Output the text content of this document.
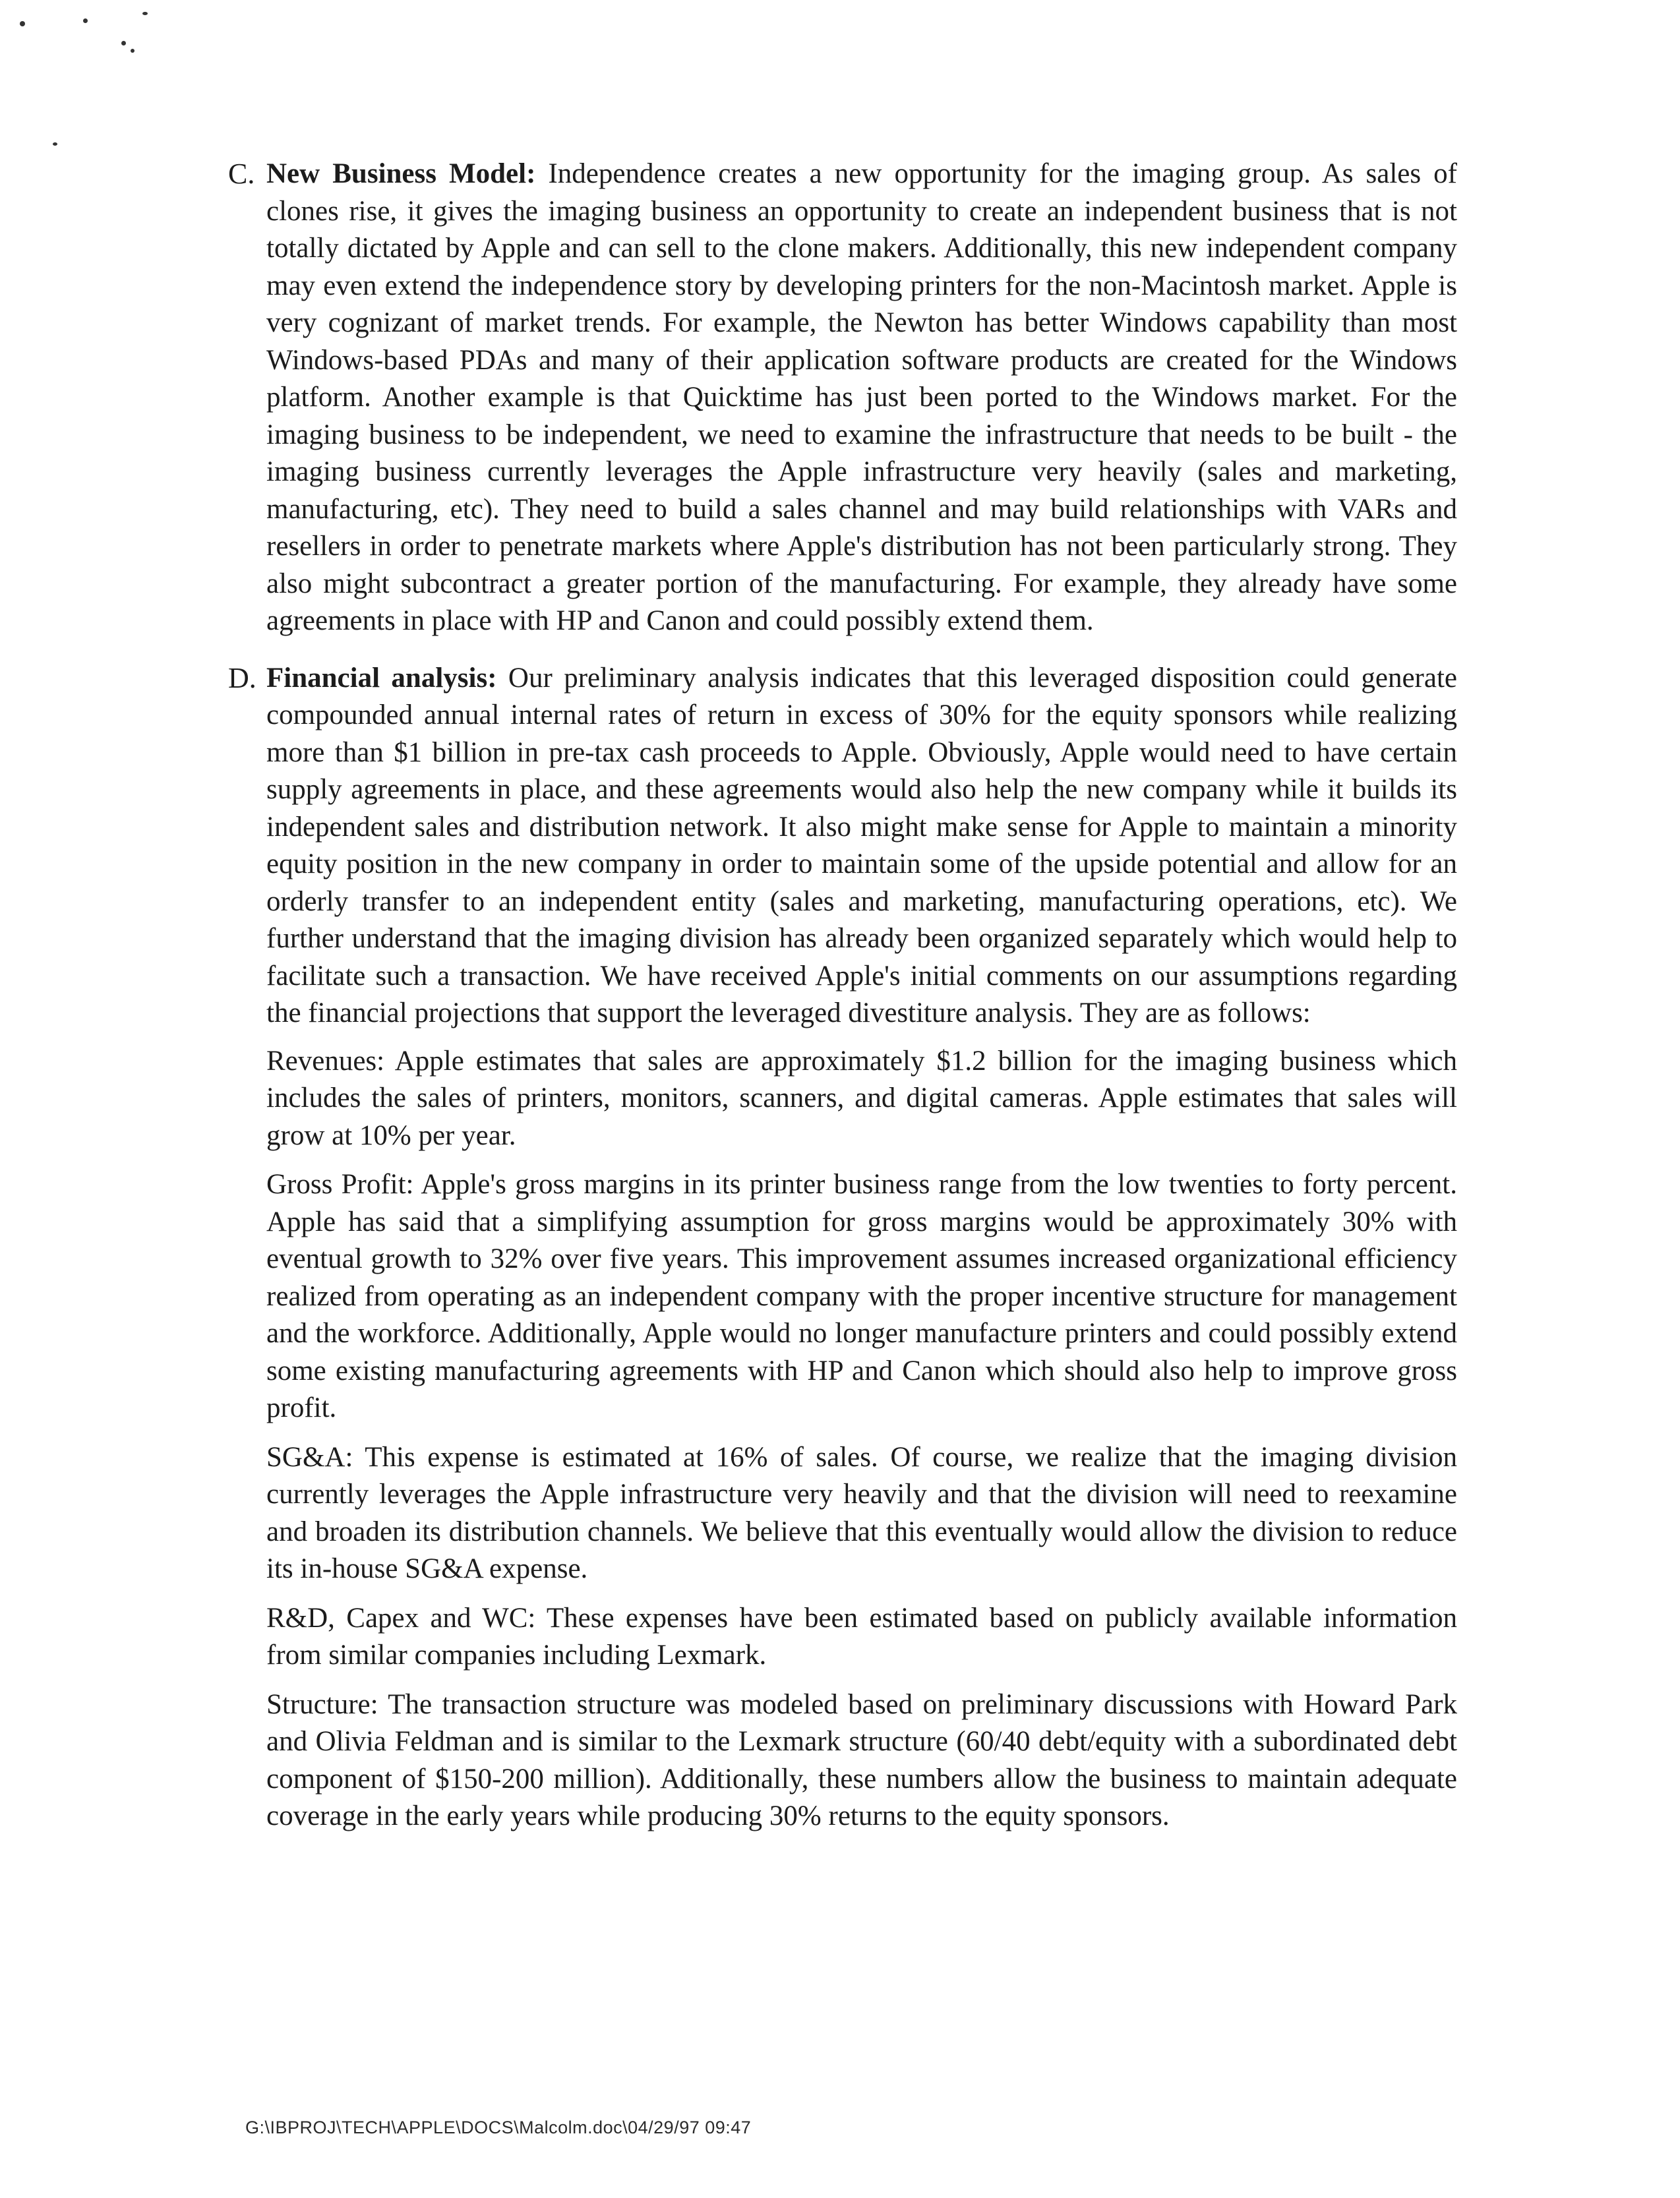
C. New Business Model: Independence creates a new opportunity for the imaging group. As sales of clones rise, it gives the imaging business an opportunity to create an independent business that is not totally dictated by Apple and can sell to the clone makers. Additionally, this new independent company may even extend the independence story by developing printers for the non-Macintosh market. Apple is very cognizant of market trends. For example, the Newton has better Windows capability than most Windows-based PDAs and many of their application software products are created for the Windows platform. Another example is that Quicktime has just been ported to the Windows market. For the imaging business to be independent, we need to examine the infrastructure that needs to be built - the imaging business currently leverages the Apple infrastructure very heavily (sales and marketing, manufacturing, etc). They need to build a sales channel and may build relationships with VARs and resellers in order to penetrate markets where Apple's distribution has not been particularly strong. They also might subcontract a greater portion of the manufacturing. For example, they already have some agreements in place with HP and Canon and could possibly extend them.
D. Financial analysis: Our preliminary analysis indicates that this leveraged disposition could generate compounded annual internal rates of return in excess of 30% for the equity sponsors while realizing more than $1 billion in pre-tax cash proceeds to Apple. Obviously, Apple would need to have certain supply agreements in place, and these agreements would also help the new company while it builds its independent sales and distribution network. It also might make sense for Apple to maintain a minority equity position in the new company in order to maintain some of the upside potential and allow for an orderly transfer to an independent entity (sales and marketing, manufacturing operations, etc). We further understand that the imaging division has already been organized separately which would help to facilitate such a transaction. We have received Apple's initial comments on our assumptions regarding the financial projections that support the leveraged divestiture analysis. They are as follows:
Revenues: Apple estimates that sales are approximately $1.2 billion for the imaging business which includes the sales of printers, monitors, scanners, and digital cameras. Apple estimates that sales will grow at 10% per year.
Gross Profit: Apple's gross margins in its printer business range from the low twenties to forty percent. Apple has said that a simplifying assumption for gross margins would be approximately 30% with eventual growth to 32% over five years. This improvement assumes increased organizational efficiency realized from operating as an independent company with the proper incentive structure for management and the workforce. Additionally, Apple would no longer manufacture printers and could possibly extend some existing manufacturing agreements with HP and Canon which should also help to improve gross profit.
SG&A: This expense is estimated at 16% of sales. Of course, we realize that the imaging division currently leverages the Apple infrastructure very heavily and that the division will need to reexamine and broaden its distribution channels. We believe that this eventually would allow the division to reduce its in-house SG&A expense.
R&D, Capex and WC: These expenses have been estimated based on publicly available information from similar companies including Lexmark.
Structure: The transaction structure was modeled based on preliminary discussions with Howard Park and Olivia Feldman and is similar to the Lexmark structure (60/40 debt/equity with a subordinated debt component of $150-200 million). Additionally, these numbers allow the business to maintain adequate coverage in the early years while producing 30% returns to the equity sponsors.
G:\IBPROJ\TECH\APPLE\DOCS\Malcolm.doc\04/29/97 09:47
